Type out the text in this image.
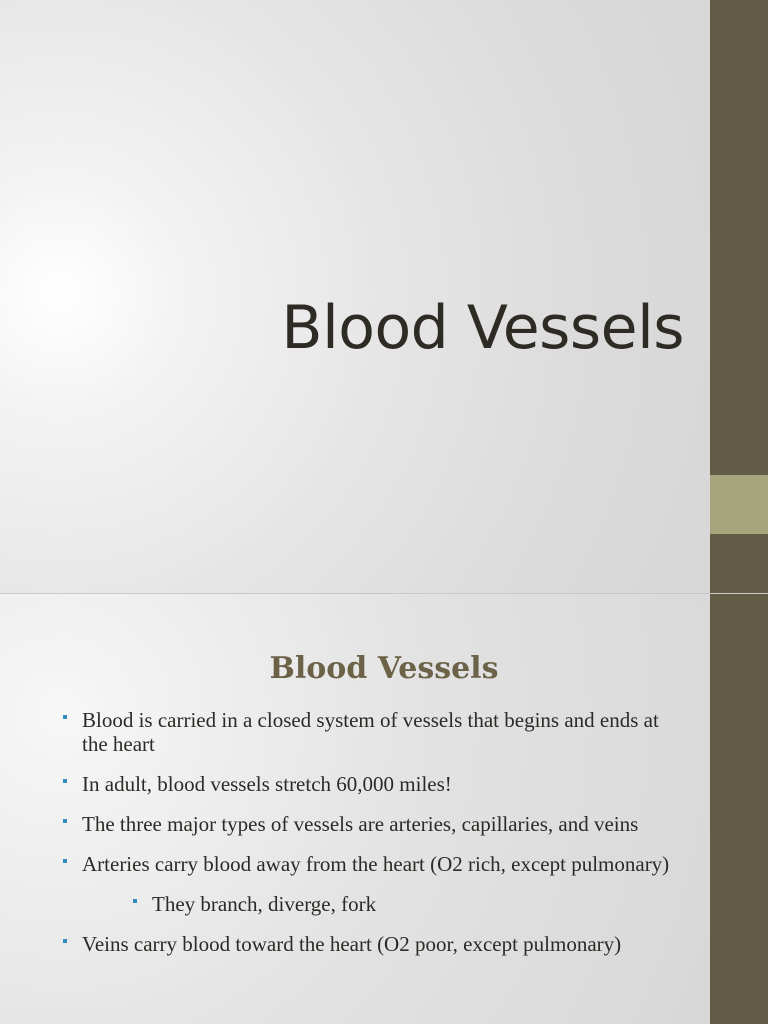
Blood Vessels
Blood Vessels
Blood is carried in a closed system of vessels that begins and ends at the heart
In adult, blood vessels stretch 60,000 miles!
The three major types of vessels are arteries, capillaries, and veins
Arteries carry blood away from the heart (O2 rich, except pulmonary)
They branch, diverge, fork
Veins carry blood toward the heart (O2 poor, except pulmonary)
